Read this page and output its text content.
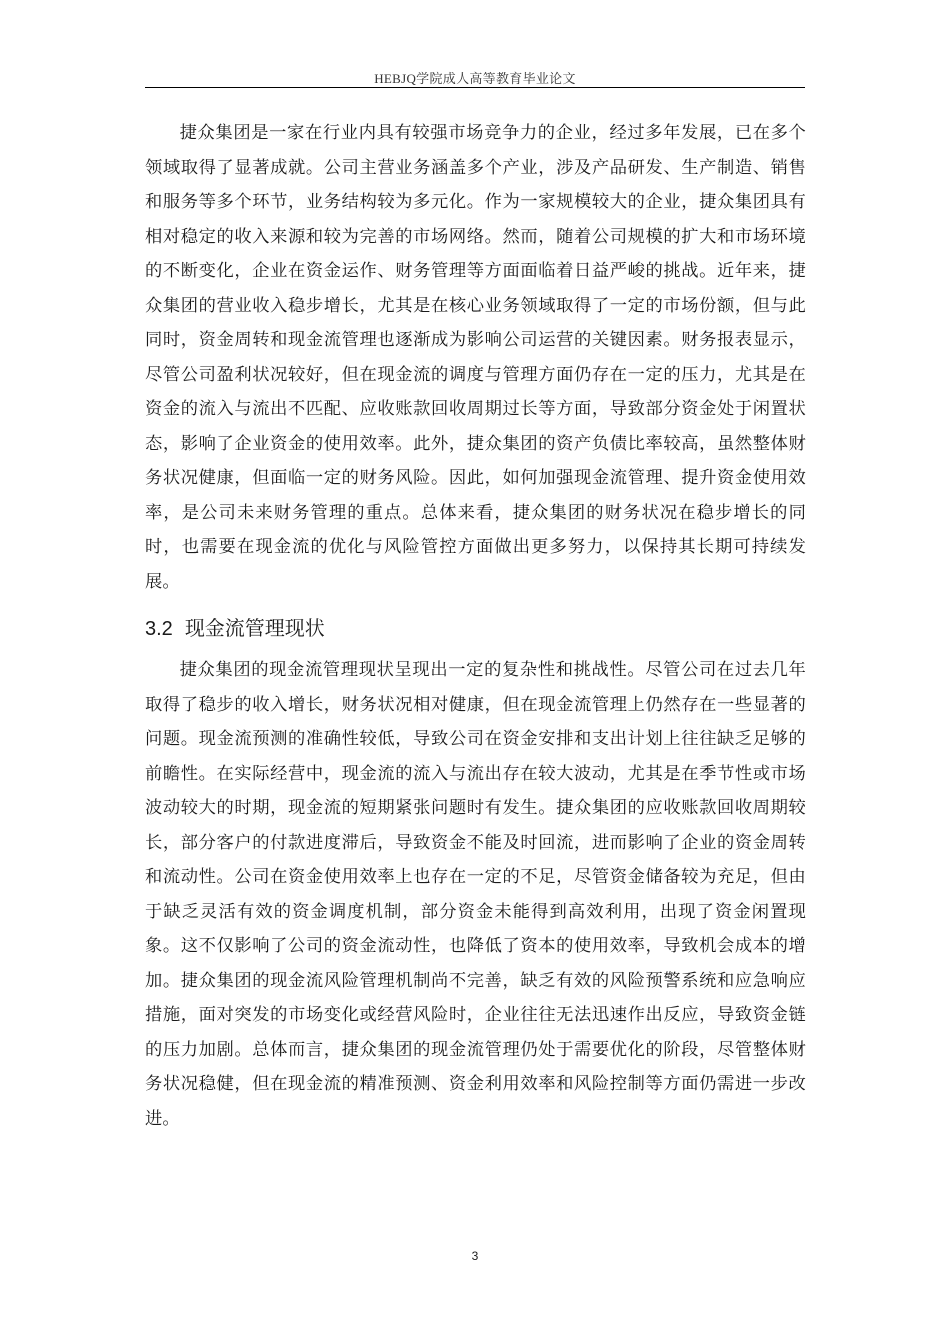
HEBJQ学院成人高等教育毕业论文

捷众集团是一家在行业内具有较强市场竞争力的企业，经过多年发展，已在多个领域取得了显著成就。公司主营业务涵盖多个产业，涉及产品研发、生产制造、销售和服务等多个环节，业务结构较为多元化。作为一家规模较大的企业，捷众集团具有相对稳定的收入来源和较为完善的市场网络。然而，随着公司规模的扩大和市场环境的不断变化，企业在资金运作、财务管理等方面面临着日益严峻的挑战。近年来，捷众集团的营业收入稳步增长，尤其是在核心业务领域取得了一定的市场份额，但与此同时，资金周转和现金流管理也逐渐成为影响公司运营的关键因素。财务报表显示，尽管公司盈利状况较好，但在现金流的调度与管理方面仍存在一定的压力，尤其是在资金的流入与流出不匹配、应收账款回收周期过长等方面，导致部分资金处于闲置状态，影响了企业资金的使用效率。此外，捷众集团的资产负债比率较高，虽然整体财务状况健康，但面临一定的财务风险。因此，如何加强现金流管理、提升资金使用效率，是公司未来财务管理的重点。总体来看，捷众集团的财务状况在稳步增长的同时，也需要在现金流的优化与风险管控方面做出更多努力，以保持其长期可持续发展。

3.2 现金流管理现状

捷众集团的现金流管理现状呈现出一定的复杂性和挑战性。尽管公司在过去几年取得了稳步的收入增长，财务状况相对健康，但在现金流管理上仍然存在一些显著的问题。现金流预测的准确性较低，导致公司在资金安排和支出计划上往往缺乏足够的前瞻性。在实际经营中，现金流的流入与流出存在较大波动，尤其是在季节性或市场波动较大的时期，现金流的短期紧张问题时有发生。捷众集团的应收账款回收周期较长，部分客户的付款进度滞后，导致资金不能及时回流，进而影响了企业的资金周转和流动性。公司在资金使用效率上也存在一定的不足，尽管资金储备较为充足，但由于缺乏灵活有效的资金调度机制，部分资金未能得到高效利用，出现了资金闲置现象。这不仅影响了公司的资金流动性，也降低了资本的使用效率，导致机会成本的增加。捷众集团的现金流风险管理机制尚不完善，缺乏有效的风险预警系统和应急响应措施，面对突发的市场变化或经营风险时，企业往往无法迅速作出反应，导致资金链的压力加剧。总体而言，捷众集团的现金流管理仍处于需要优化的阶段，尽管整体财务状况稳健，但在现金流的精准预测、资金利用效率和风险控制等方面仍需进一步改进。

3
